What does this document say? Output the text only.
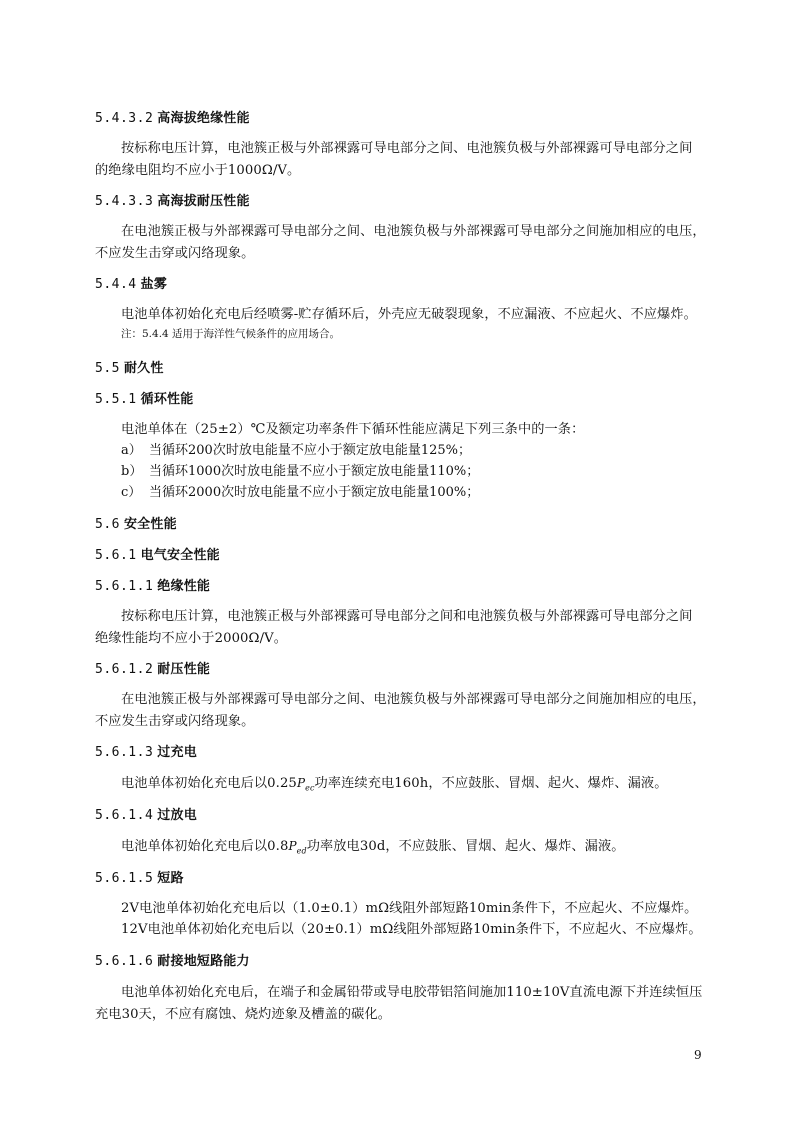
5.4.3.2 高海拔绝缘性能
按标称电压计算，电池簇正极与外部裸露可导电部分之间、电池簇负极与外部裸露可导电部分之间
的绝缘电阻均不应小于1000Ω/V。
5.4.3.3 高海拔耐压性能
在电池簇正极与外部裸露可导电部分之间、电池簇负极与外部裸露可导电部分之间施加相应的电压，
不应发生击穿或闪络现象。
5.4.4 盐雾
电池单体初始化充电后经喷雾-贮存循环后，外壳应无破裂现象，不应漏液、不应起火、不应爆炸。
注：5.4.4 适用于海洋性气候条件的应用场合。
5.5 耐久性
5.5.1 循环性能
电池单体在（25±2）℃及额定功率条件下循环性能应满足下列三条中的一条：
a） 当循环200次时放电能量不应小于额定放电能量125%；
b） 当循环1000次时放电能量不应小于额定放电能量110%；
c） 当循环2000次时放电能量不应小于额定放电能量100%；
5.6 安全性能
5.6.1 电气安全性能
5.6.1.1 绝缘性能
按标称电压计算，电池簇正极与外部裸露可导电部分之间和电池簇负极与外部裸露可导电部分之间
绝缘性能均不应小于2000Ω/V。
5.6.1.2 耐压性能
在电池簇正极与外部裸露可导电部分之间、电池簇负极与外部裸露可导电部分之间施加相应的电压，
不应发生击穿或闪络现象。
5.6.1.3 过充电
电池单体初始化充电后以$0.25P_{ec}$功率连续充电160h，不应鼓胀、冒烟、起火、爆炸、漏液。
5.6.1.4 过放电
电池单体初始化充电后以$0.8P_{ed}$功率放电30d，不应鼓胀、冒烟、起火、爆炸、漏液。
5.6.1.5 短路
2V电池单体初始化充电后以（1.0±0.1）mΩ线阻外部短路10min条件下，不应起火、不应爆炸。
12V电池单体初始化充电后以（20±0.1）mΩ线阻外部短路10min条件下，不应起火、不应爆炸。
5.6.1.6 耐接地短路能力
电池单体初始化充电后，在端子和金属铅带或导电胶带铝箔间施加110±10V直流电源下并连续恒压
充电30天，不应有腐蚀、烧灼迹象及槽盖的碳化。
9
